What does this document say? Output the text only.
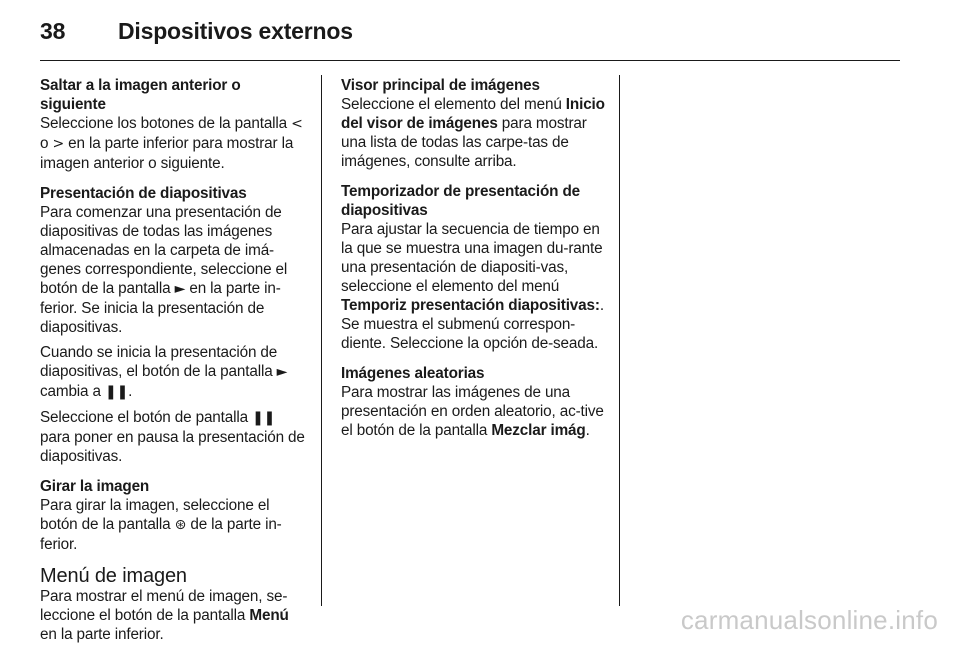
38 Dispositivos externos

Saltar a la imagen anterior o siguiente
Seleccione los botones de la pantalla < o > en la parte inferior para mostrar la imagen anterior o siguiente.

Presentación de diapositivas
Para comenzar una presentación de diapositivas de todas las imágenes almacenadas en la carpeta de imá-genes correspondiente, seleccione el botón de la pantalla ► en la parte in-ferior. Se inicia la presentación de diapositivas.

Cuando se inicia la presentación de diapositivas, el botón de la pantalla ► cambia a ❚❚.

Seleccione el botón de pantalla ❚❚ para poner en pausa la presentación de diapositivas.

Girar la imagen
Para girar la imagen, seleccione el botón de la pantalla ⊛ de la parte in-ferior.

Menú de imagen
Para mostrar el menú de imagen, se-leccione el botón de la pantalla Menú en la parte inferior.

Visor principal de imágenes
Seleccione el elemento del menú Inicio del visor de imágenes para mostrar una lista de todas las carpe-tas de imágenes, consulte arriba.

Temporizador de presentación de diapositivas
Para ajustar la secuencia de tiempo en la que se muestra una imagen du-rante una presentación de diapositi-vas, seleccione el elemento del menú Temporiz presentación diapositivas:. Se muestra el submenú correspon-diente. Seleccione la opción de-seada.

Imágenes aleatorias
Para mostrar las imágenes de una presentación en orden aleatorio, ac-tive el botón de la pantalla Mezclar imág.

carmanualsonline.info
